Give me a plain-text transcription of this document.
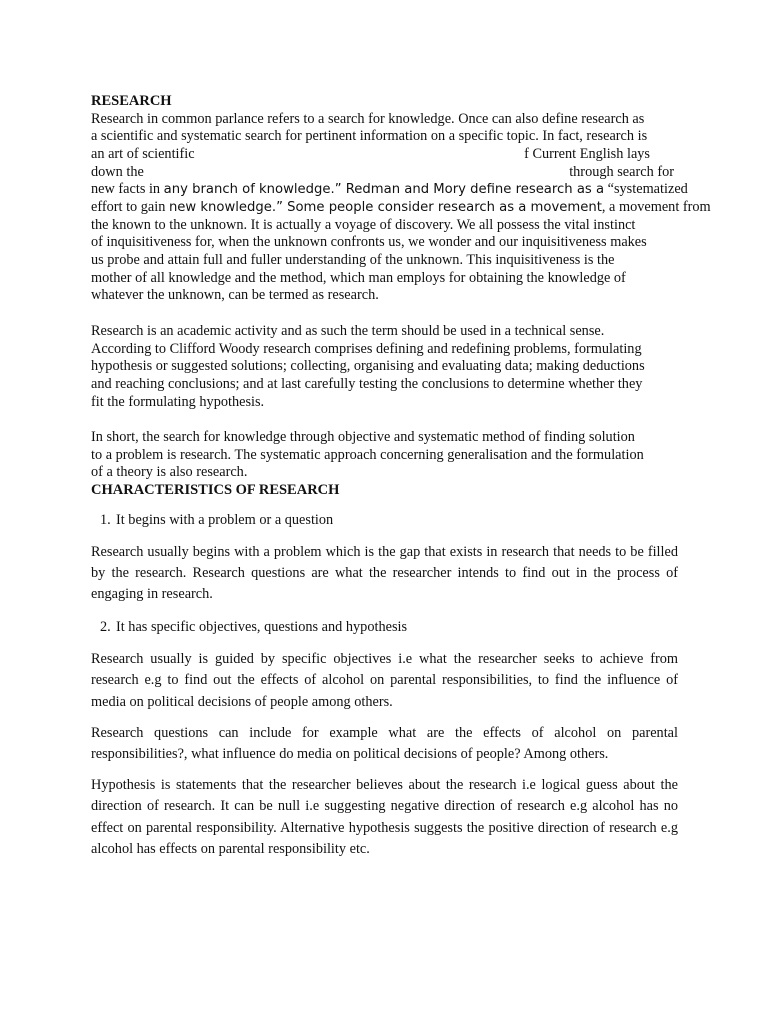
RESEARCH
Research in common parlance refers to a search for knowledge. Once can also define research as
a scientific and systematic search for pertinent information on a specific topic. In fact, research is
an art of scientific	f Current English lays
down the	through search for
new facts in any branch of knowledge.” Redman and Mory define research as a “systematized
effort to gain new knowledge.” Some people consider research as a movement, a movement from
the known to the unknown. It is actually a voyage of discovery. We all possess the vital instinct
of inquisitiveness for, when the unknown confronts us, we wonder and our inquisitiveness makes
us probe and attain full and fuller understanding of the unknown. This inquisitiveness is the
mother of all knowledge and the method, which man employs for obtaining the knowledge of
whatever the unknown, can be termed as research.
Research is an academic activity and as such the term should be used in a technical sense.
According to Clifford Woody research comprises defining and redefining problems, formulating
hypothesis or suggested solutions; collecting, organising and evaluating data; making deductions
and reaching conclusions; and at last carefully testing the conclusions to determine whether they
fit the formulating hypothesis.
In short, the search for knowledge through objective and systematic method of finding solution
to a problem is research. The systematic approach concerning generalisation and the formulation
of a theory is also research.
CHARACTERISTICS OF RESEARCH
1. It begins with a problem or a question

Research usually begins with a problem which is the gap that exists in research that needs to be filled by the research. Research questions are what the researcher intends to find out in the process of engaging in research.

2. It has specific objectives, questions and hypothesis

Research usually is guided by specific objectives i.e what the researcher seeks to achieve from research e.g to find out the effects of alcohol on parental responsibilities, to find the influence of media on political decisions of people among others.

Research questions can include for example what are the effects of alcohol on parental responsibilities?, what influence do media on political decisions of people? Among others.

Hypothesis is statements that the researcher believes about the research i.e logical guess about the direction of research. It can be null i.e suggesting negative direction of research e.g alcohol has no effect on parental responsibility. Alternative hypothesis suggests the positive direction of research e.g alcohol has effects on parental responsibility etc.
